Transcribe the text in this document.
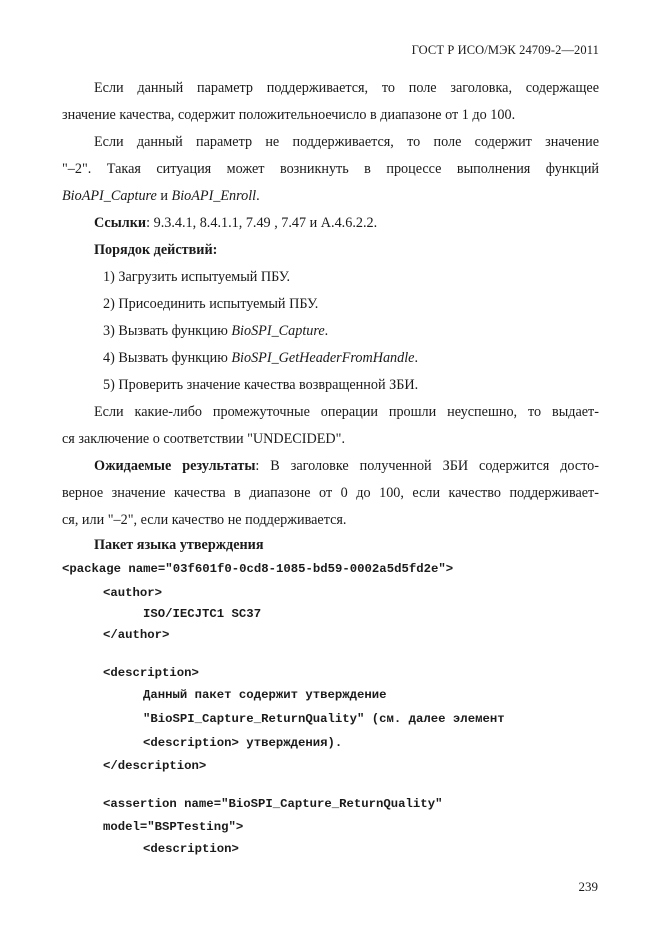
ГОСТ Р ИСО/МЭК 24709-2—2011

Если данный параметр поддерживается, то поле заголовка, содержащее

значение качества, содержит положительноечисло в диапазоне от 1 до 100.

Если данный параметр не поддерживается, то поле содержит значение

"–2". Такая ситуация может возникнуть в процессе выполнения функций

BioAPI_Capture и BioAPI_Enroll.

Ссылки: 9.3.4.1, 8.4.1.1, 7.49 , 7.47 и А.4.6.2.2.

Порядок действий:

1) Загрузить испытуемый ПБУ.
2) Присоединить испытуемый ПБУ.
3) Вызвать функцию BioSPI_Capture.
4) Вызвать функцию BioSPI_GetHeaderFromHandle.
5) Проверить значение качества возвращенной ЗБИ.

Если какие-либо промежуточные операции прошли неуспешно, то выдает-

ся заключение о соответствии "UNDECIDED".

Ожидаемые результаты: В заголовке полученной ЗБИ содержится досто-

верное значение качества в диапазоне от 0 до 100, если качество поддерживает-

ся, или "–2", если качество не поддерживается.

Пакет языка утверждения

<package name="03f601f0-0cd8-1085-bd59-0002a5d5fd2e">
<author>
ISO/IECJTC1 SC37
</author>
<description>
Данный пакет содержит утверждение
"BioSPI_Capture_ReturnQuality" (см. далее элемент
<description> утверждения).
</description>
<assertion name="BioSPI_Capture_ReturnQuality"
model="BSPTesting">
<description>
239
